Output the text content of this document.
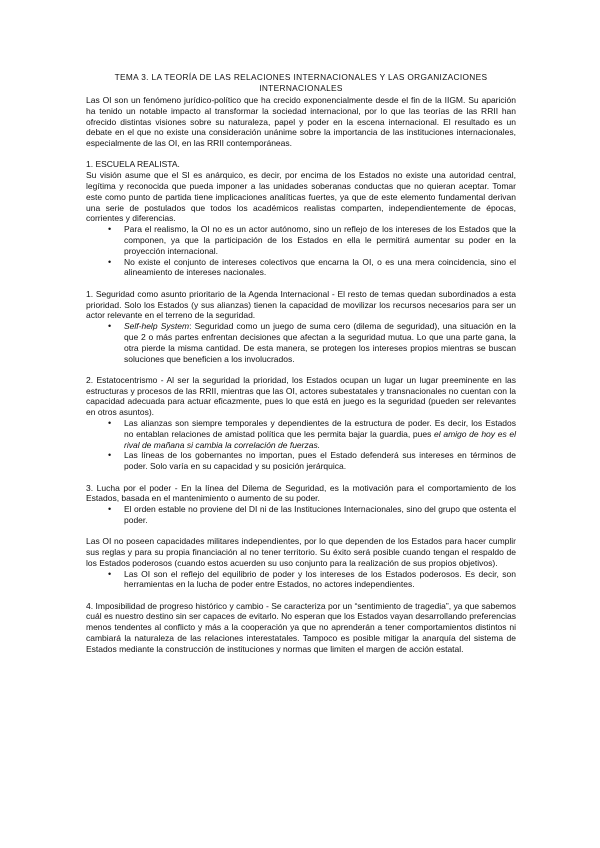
TEMA 3. LA TEORÍA DE LAS RELACIONES INTERNACIONALES Y LAS ORGANIZACIONES INTERNACIONALES

Las OI son un fenómeno jurídico-político que ha crecido exponencialmente desde el fin de la IIGM. Su aparición ha tenido un notable impacto al transformar la sociedad internacional, por lo que las teorías de las RRII han ofrecido distintas visiones sobre su naturaleza, papel y poder en la escena internacional. El resultado es un debate en el que no existe una consideración unánime sobre la importancia de las instituciones internacionales, especialmente de las OI, en las RRII contemporáneas.

1. ESCUELA REALISTA.

Su visión asume que el SI es anárquico, es decir, por encima de los Estados no existe una autoridad central, legítima y reconocida que pueda imponer a las unidades soberanas conductas que no quieran aceptar. Tomar este como punto de partida tiene implicaciones analíticas fuertes, ya que de este elemento fundamental derivan una serie de postulados que todos los académicos realistas comparten, independientemente de épocas, corrientes y diferencias.

• Para el realismo, la OI no es un actor autónomo, sino un reflejo de los intereses de los Estados que la componen, ya que la participación de los Estados en ella le permitirá aumentar su poder en la proyección internacional.
• No existe el conjunto de intereses colectivos que encarna la OI, o es una mera coincidencia, sino el alineamiento de intereses nacionales.

1. Seguridad como asunto prioritario de la Agenda Internacional - El resto de temas quedan subordinados a esta prioridad. Solo los Estados (y sus alianzas) tienen la capacidad de movilizar los recursos necesarios para ser un actor relevante en el terreno de la seguridad.

• Self-help System: Seguridad como un juego de suma cero (dilema de seguridad), una situación en la que 2 o más partes enfrentan decisiones que afectan a la seguridad mutua. Lo que una parte gana, la otra pierde la misma cantidad. De esta manera, se protegen los intereses propios mientras se buscan soluciones que beneficien a los involucrados.

2. Estatocentrismo - Al ser la seguridad la prioridad, los Estados ocupan un lugar un lugar preeminente en las estructuras y procesos de las RRII, mientras que las OI, actores subestatales y transnacionales no cuentan con la capacidad adecuada para actuar eficazmente, pues lo que está en juego es la seguridad (pueden ser relevantes en otros asuntos).

• Las alianzas son siempre temporales y dependientes de la estructura de poder. Es decir, los Estados no entablan relaciones de amistad política que les permita bajar la guardia, pues el amigo de hoy es el rival de mañana si cambia la correlación de fuerzas.
• Las líneas de los gobernantes no importan, pues el Estado defenderá sus intereses en términos de poder. Solo varía en su capacidad y su posición jerárquica.

3. Lucha por el poder - En la línea del Dilema de Seguridad, es la motivación para el comportamiento de los Estados, basada en el mantenimiento o aumento de su poder.

• El orden estable no proviene del DI ni de las Instituciones Internacionales, sino del grupo que ostenta el poder.

Las OI no poseen capacidades militares independientes, por lo que dependen de los Estados para hacer cumplir sus reglas y para su propia financiación al no tener territorio. Su éxito será posible cuando tengan el respaldo de los Estados poderosos (cuando estos acuerden su uso conjunto para la realización de sus propios objetivos).

• Las OI son el reflejo del equilibrio de poder y los intereses de los Estados poderosos. Es decir, son herramientas en la lucha de poder entre Estados, no actores independientes.

4. Imposibilidad de progreso histórico y cambio - Se caracteriza por un “sentimiento de tragedia”, ya que sabemos cuál es nuestro destino sin ser capaces de evitarlo. No esperan que los Estados vayan desarrollando preferencias menos tendentes al conflicto y más a la cooperación ya que no aprenderán a tener comportamientos distintos ni cambiará la naturaleza de las relaciones interestatales. Tampoco es posible mitigar la anarquía del sistema de Estados mediante la construcción de instituciones y normas que limiten el margen de acción estatal.
